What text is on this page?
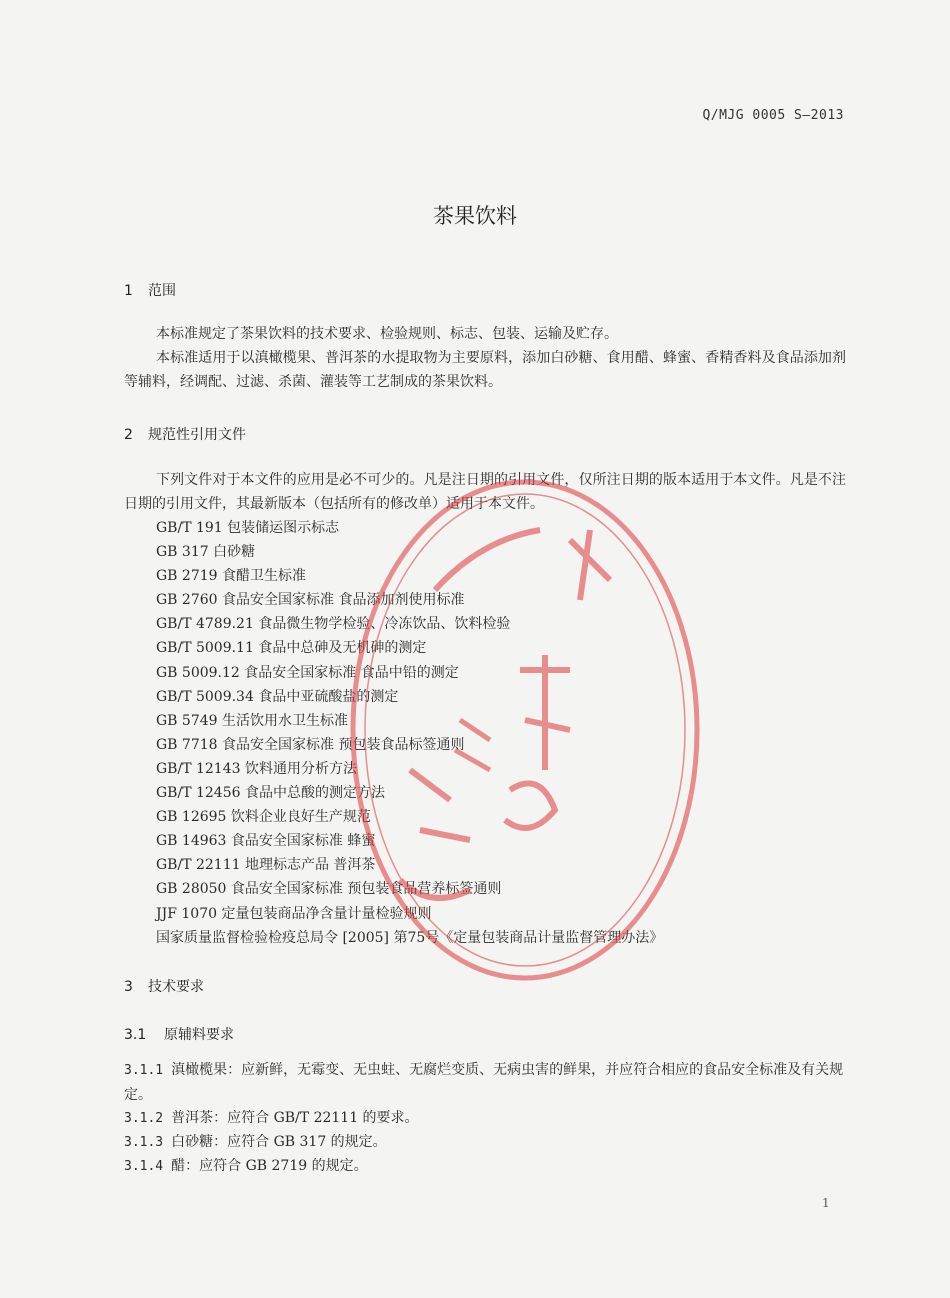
Q/MJG 0005 S—2013
茶果饮料
1 范围
本标准规定了茶果饮料的技术要求、检验规则、标志、包装、运输及贮存。
本标准适用于以滇橄榄果、普洱茶的水提取物为主要原料，添加白砂糖、食用醋、蜂蜜、香精香料及食品添加剂等辅料，经调配、过滤、杀菌、灌装等工艺制成的茶果饮料。
2 规范性引用文件
下列文件对于本文件的应用是必不可少的。凡是注日期的引用文件，仅所注日期的版本适用于本文件。凡是不注日期的引用文件，其最新版本（包括所有的修改单）适用于本文件。
GB/T 191 包装储运图示标志
GB 317 白砂糖
GB 2719 食醋卫生标准
GB 2760 食品安全国家标准 食品添加剂使用标准
GB/T 4789.21 食品微生物学检验、冷冻饮品、饮料检验
GB/T 5009.11 食品中总砷及无机砷的测定
GB 5009.12 食品安全国家标准 食品中铅的测定
GB/T 5009.34 食品中亚硫酸盐的测定
GB 5749 生活饮用水卫生标准
GB 7718 食品安全国家标准 预包装食品标签通则
GB/T 12143 饮料通用分析方法
GB/T 12456 食品中总酸的测定方法
GB 12695 饮料企业良好生产规范
GB 14963 食品安全国家标准 蜂蜜
GB/T 22111 地理标志产品 普洱茶
GB 28050 食品安全国家标准 预包装食品营养标签通则
JJF 1070 定量包装商品净含量计量检验规则
国家质量监督检验检疫总局令 [2005] 第75号《定量包装商品计量监督管理办法》
3 技术要求
3.1 原辅料要求
3.1.1 滇橄榄果：应新鲜，无霉变、无虫蛀、无腐烂变质、无病虫害的鲜果，并应符合相应的食品安全标准及有关规定。
3.1.2 普洱茶：应符合 GB/T 22111 的要求。
3.1.3 白砂糖：应符合 GB 317 的规定。
3.1.4 醋：应符合 GB 2719 的规定。
1
